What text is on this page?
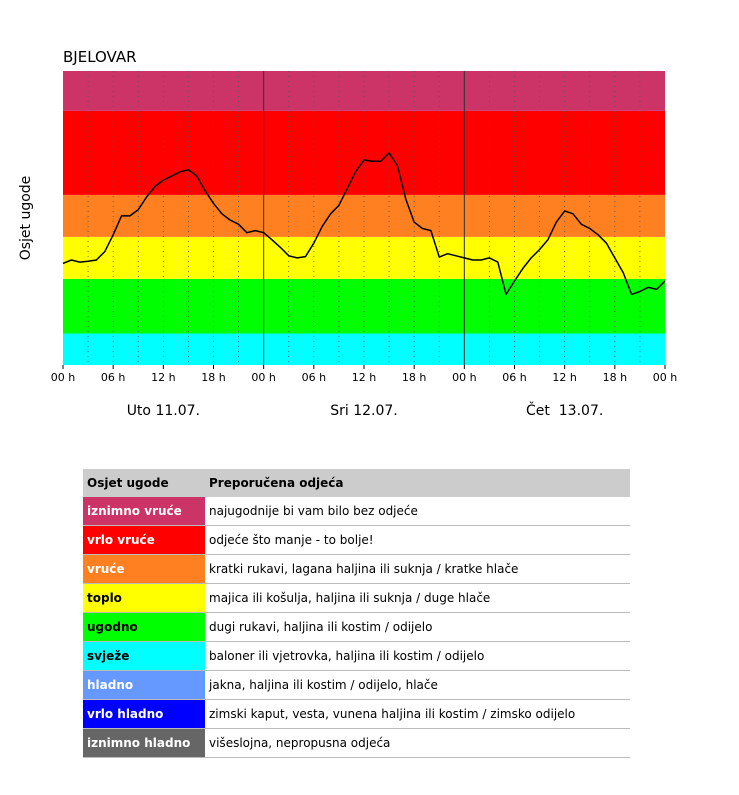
BJELOVAR
Osjet ugode
00 h 06 h 12 h 18 h 00 h 06 h 12 h 18 h 00 h 06 h 12 h 18 h 00 h
Uto 11.07.	Sri 12.07.	Čet  13.07.
Osjet ugode	Preporučena odjeća
iznimno vruće	najugodnije bi vam bilo bez odjeće
vrlo vruće	odjeće što manje - to bolje!
vruće	kratki rukavi, lagana haljina ili suknja / kratke hlače
toplo	majica ili košulja, haljina ili suknja / duge hlače
ugodno	dugi rukavi, haljina ili kostim / odijelo
svježe	baloner ili vjetrovka, haljina ili kostim / odijelo
hladno	jakna, haljina ili kostim / odijelo, hlače
vrlo hladno	zimski kaput, vesta, vunena haljina ili kostim / zimsko odijelo
iznimno hladno	višeslojna, nepropusna odjeća
